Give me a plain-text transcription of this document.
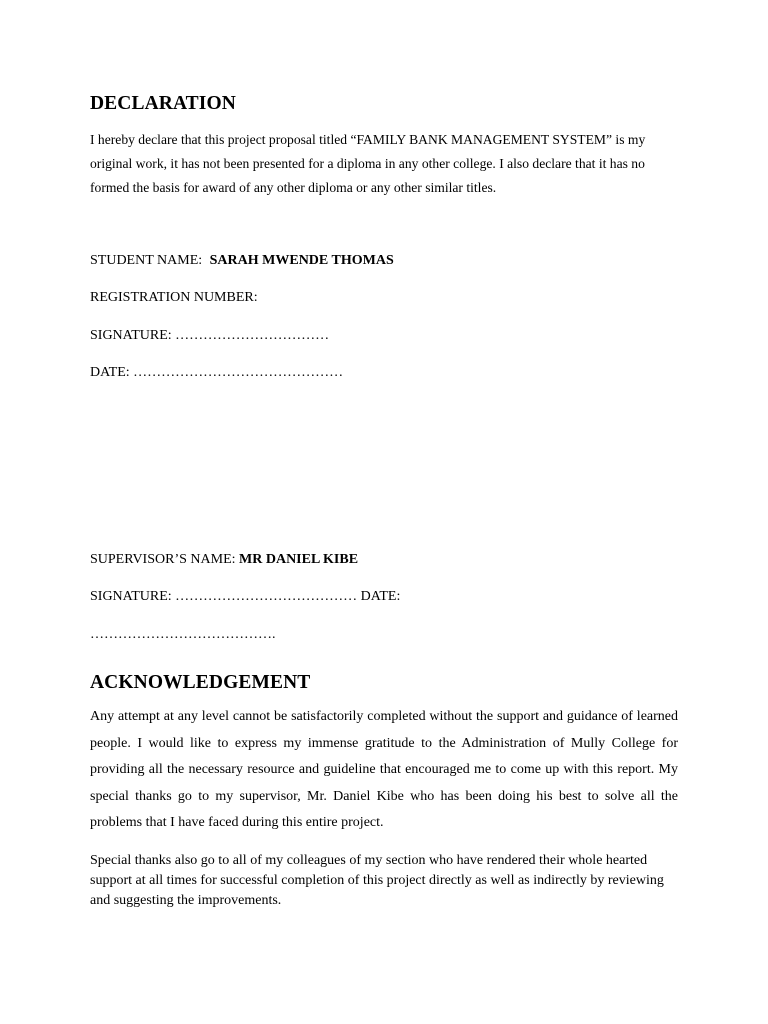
DECLARATION
I hereby declare that this project proposal titled “FAMILY BANK MANAGEMENT SYSTEM” is my
original work, it has not been presented for a diploma in any other college. I also declare that it has no
formed the basis for award of any other diploma or any other similar titles.
STUDENT NAME: SARAH MWENDE THOMAS
REGISTRATION NUMBER:
SIGNATURE: ……………………………
DATE: ………………………………………
SUPERVISOR’S NAME: MR DANIEL KIBE
SIGNATURE: ………………………………… DATE:
………………………………….
ACKNOWLEDGEMENT
Any attempt at any level cannot be satisfactorily completed without the support and guidance of learned people. I would like to express my immense gratitude to the Administration of Mully College for providing all the necessary resource and guideline that encouraged me to come up with this report. My special thanks go to my supervisor, Mr. Daniel Kibe who has been doing his best to solve all the problems that I have faced during this entire project.
Special thanks also go to all of my colleagues of my section who have rendered their whole hearted support at all times for successful completion of this project directly as well as indirectly by reviewing and suggesting the improvements.
